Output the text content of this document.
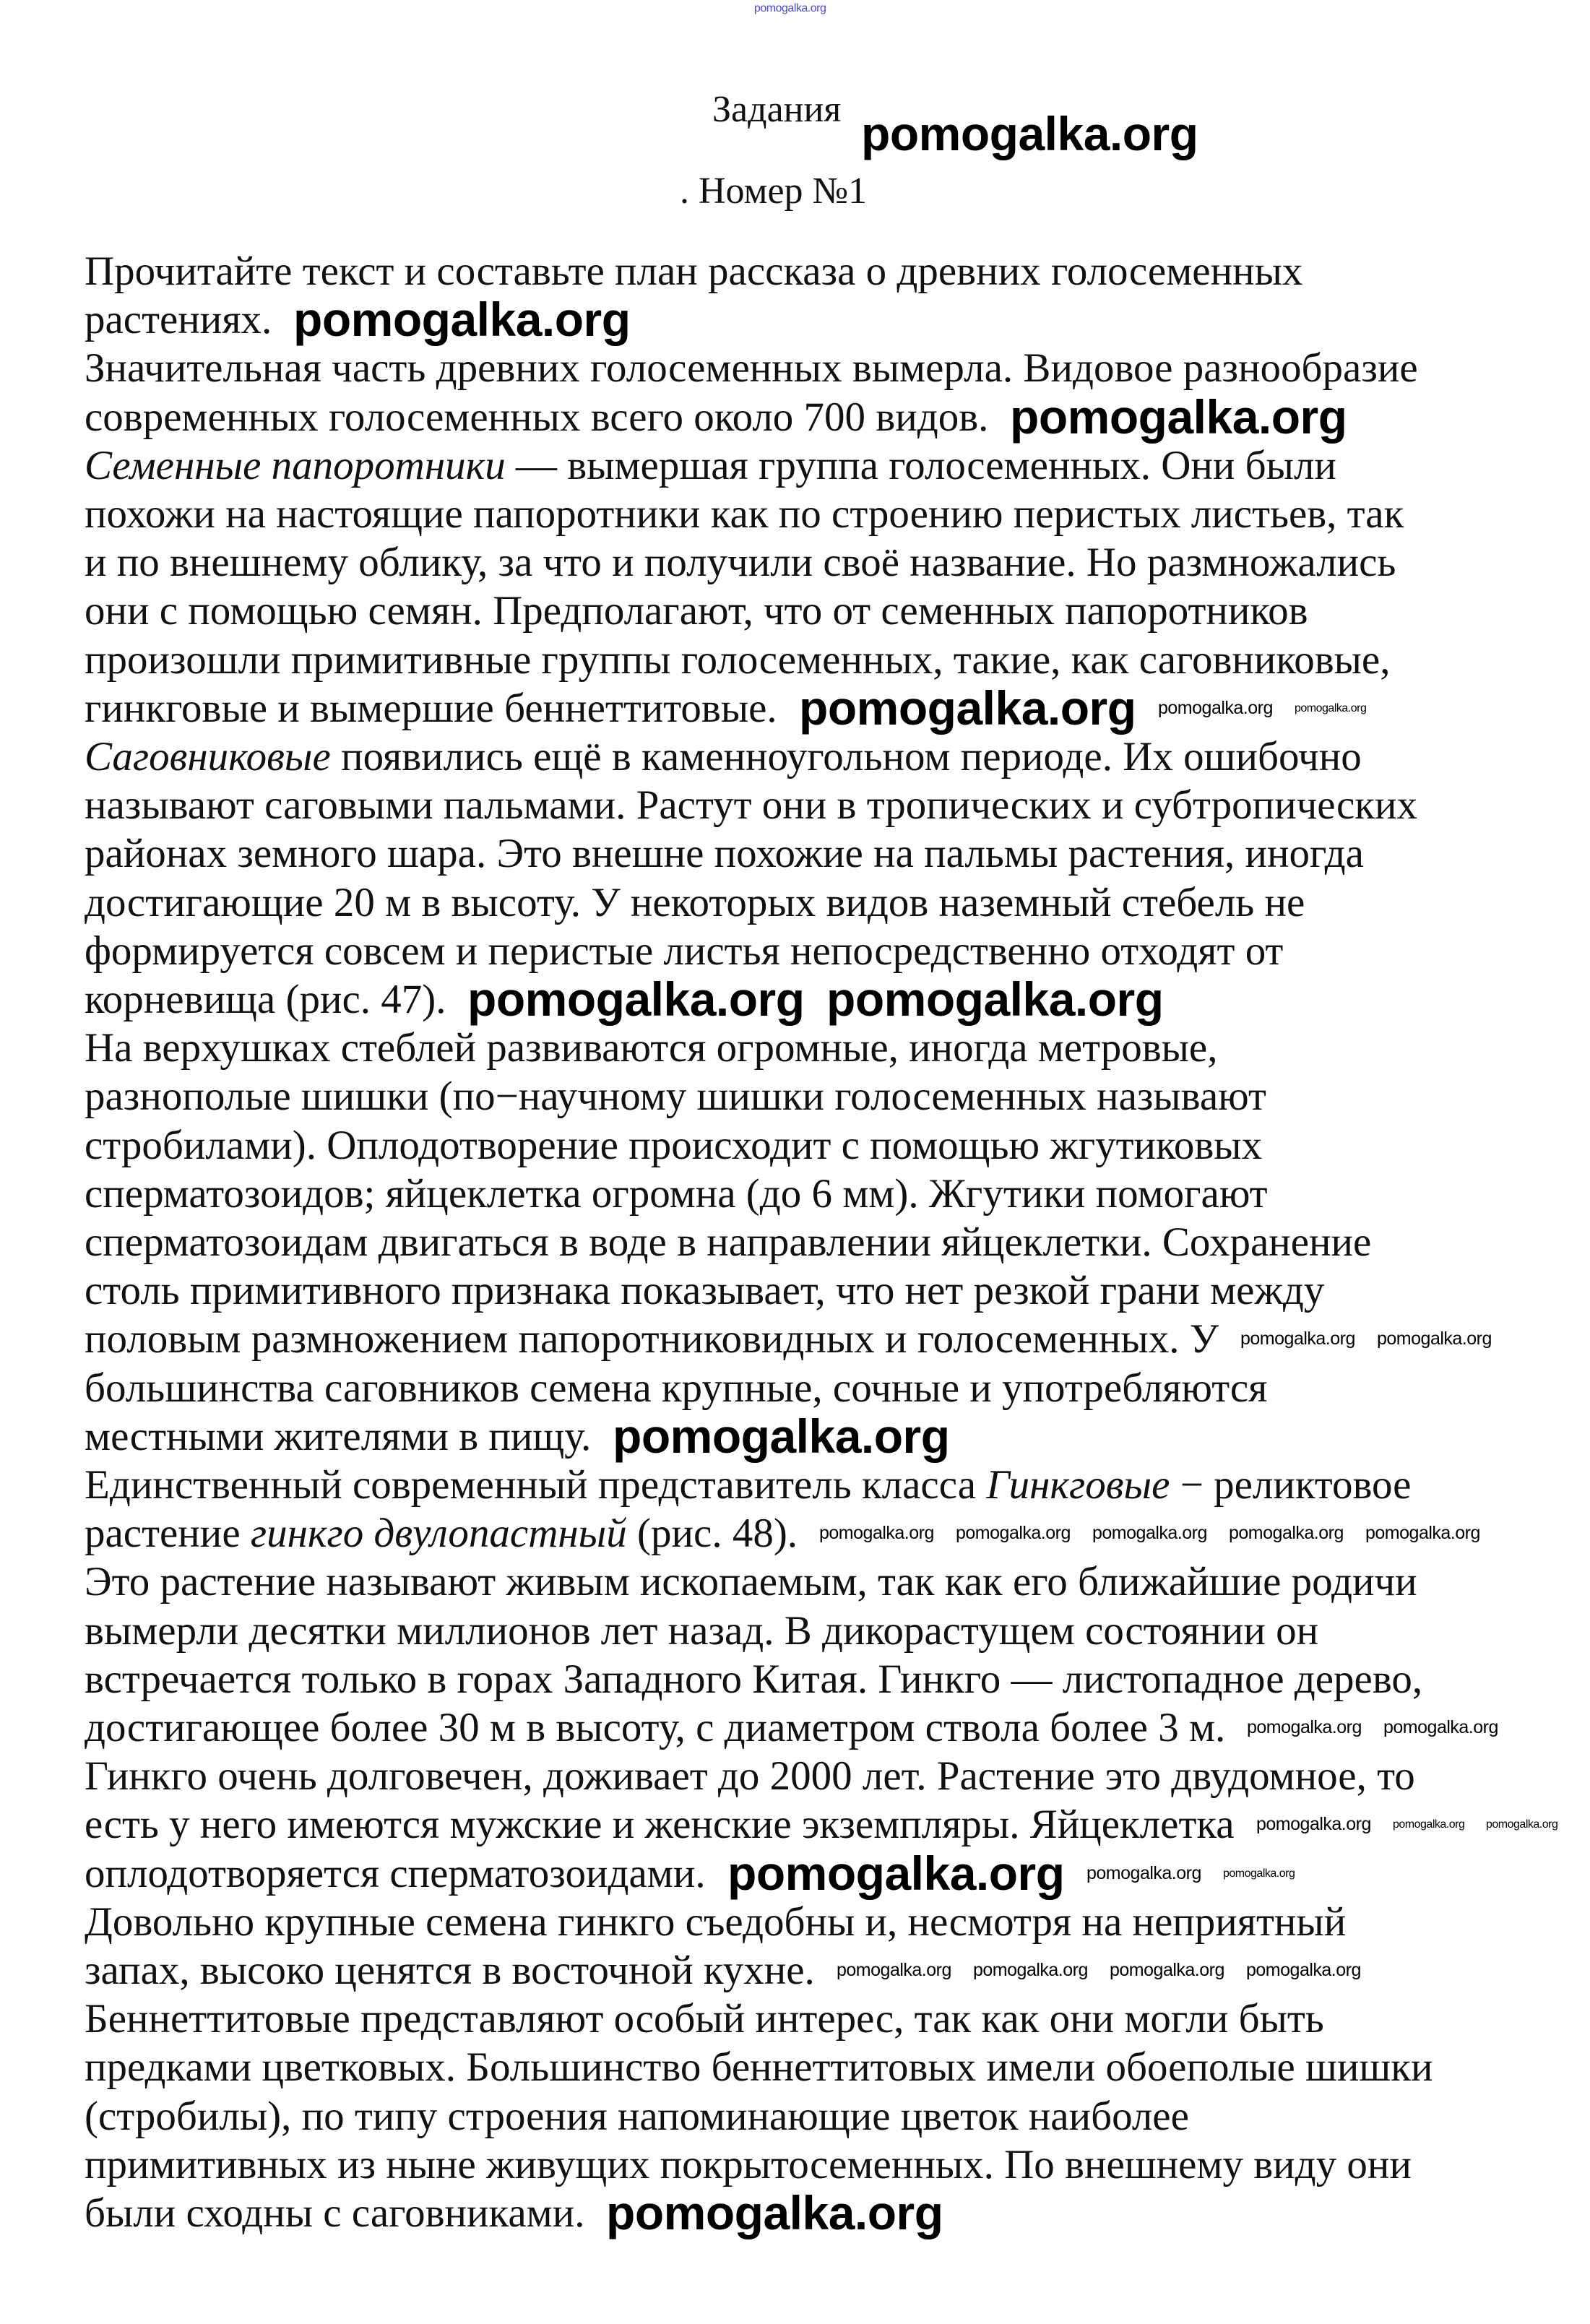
Задания
. Номер №1
Прочитайте текст и составьте план рассказа о древних голосеменных
растениях.
Значительная часть древних голосеменных вымерла. Видовое разнообразие
современных голосеменных всего около 700 видов.
Семенные папоротники — вымершая группа голосеменных. Они были
похожи на настоящие папоротники как по строению перистых листьев, так
и по внешнему облику, за что и получили своё название. Но размножались
они с помощью семян. Предполагают, что от семенных папоротников
произошли примитивные группы голосеменных, такие, как саговниковые,
гинкговые и вымершие беннеттитовые.
Саговниковые появились ещё в каменноугольном периоде. Их ошибочно
называют саговыми пальмами. Растут они в тропических и субтропических
районах земного шара. Это внешне похожие на пальмы растения, иногда
достигающие 20 м в высоту. У некоторых видов наземный стебель не
формируется совсем и перистые листья непосредственно отходят от
корневища (рис. 47).
На верхушках стеблей развиваются огромные, иногда метровые,
разнополые шишки (по−научному шишки голосеменных называют
стробилами). Оплодотворение происходит с помощью жгутиковых
сперматозоидов; яйцеклетка огромна (до 6 мм). Жгутики помогают
сперматозоидам двигаться в воде в направлении яйцеклетки. Сохранение
столь примитивного признака показывает, что нет резкой грани между
половым размножением папоротниковидных и голосеменных. У
большинства саговников семена крупные, сочные и употребляются
местными жителями в пищу.
Единственный современный представитель класса Гинкговые − реликтовое
растение гинкго двулопастный (рис. 48).
Это растение называют живым ископаемым, так как его ближайшие родичи
вымерли десятки миллионов лет назад. В дикорастущем состоянии он
встречается только в горах Западного Китая. Гинкго — листопадное дерево,
достигающее более 30 м в высоту, с диаметром ствола более 3 м.
Гинкго очень долговечен, доживает до 2000 лет. Растение это двудомное, то
есть у него имеются мужские и женские экземпляры. Яйцеклетка
оплодотворяется сперматозоидами.
Довольно крупные семена гинкго съедобны и, несмотря на неприятный
запах, высоко ценятся в восточной кухне.
Беннеттитовые представляют особый интерес, так как они могли быть
предками цветковых. Большинство беннеттитовых имели обоеполые шишки
(стробилы), по типу строения напоминающие цветок наиболее
примитивных из ныне живущих покрытосеменных. По внешнему виду они
были сходны с саговниками.
pomogalka.org
pomogalka.org
pomogalka.org
pomogalka.org
pomogalka.org pomogalka.org pomogalka.org
pomogalka.org pomogalka.org
pomogalka.org pomogalka.org
pomogalka.org
pomogalka.org pomogalka.org pomogalka.org pomogalka.org pomogalka.org
pomogalka.org pomogalka.org
pomogalka.org pomogalka.org pomogalka.org
pomogalka.org pomogalka.org pomogalka.org
pomogalka.org pomogalka.org pomogalka.org pomogalka.org
pomogalka.org
